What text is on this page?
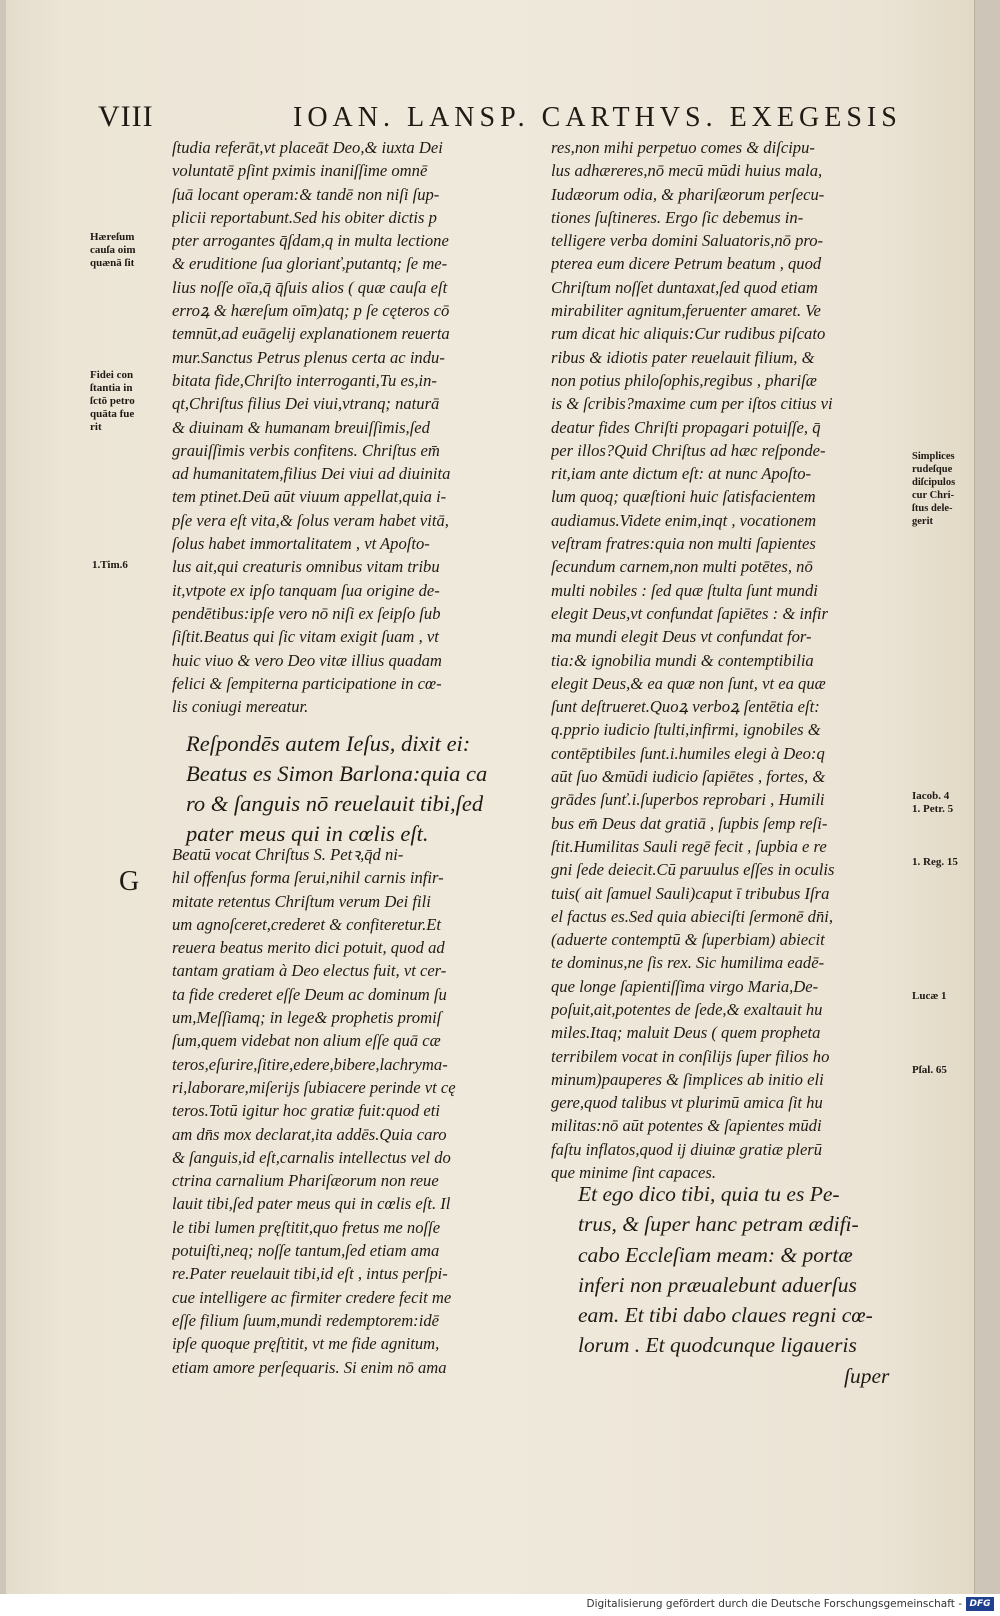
VIII	IOAN. LANSP. CARTHVS. EXEGESIS
ſtudia referāt,vt placeāt Deo,& iuxta Dei
voluntatē pſint pximis inaniſſime omnē
ſuā locant operam:& tandē non niſi ſup-
plicii reportabunt.Sed his obiter dictis p
pter arrogantes q̄ſdam,q in multa lectione
& eruditione ſua glorianť,putantq; ſe me-
lius noſſe oīa,q̄ q̄ſuis alios ( quæ cauſa eſt
erroꝝ & hæreſum oīm)atq; p ſe cęteros cō
temnūt,ad euāgelij explanationem reuerta
mur.Sanctus Petrus plenus certa ac indu-
bitata fide,Chriſto interroganti,Tu es,in-
qt,Chriſtus filius Dei viui,vtranq; naturā
& diuinam & humanam breuiſſimis,ſed
grauiſſimis verbis confitens. Chriſtus em̄
ad humanitatem,filius Dei viui ad diuinita
tem ptinet.Deū aūt viuum appellat,quia i-
pſe vera eſt vita,& ſolus veram habet vitā,
ſolus habet immortalitatem , vt Apoſto-
lus ait,qui creaturis omnibus vitam tribu
it,vtpote ex ipſo tanquam ſua origine de-
pendētibus:ipſe vero nō niſi ex ſeipſo ſub
ſiſtit.Beatus qui ſic vitam exigit ſuam , vt
huic viuo & vero Deo vitæ illius quadam
felici & ſempiterna participatione in cœ-
lis coniugi mereatur.
Reſpondēs autem Ieſus, dixit ei:
Beatus es Simon Barlona:quia ca
ro & ſanguis nō reuelauit tibi,ſed
pater meus qui in cœlis eſt.
Beatū vocat Chriſtus S. Petꝛ,q̄d ni-
hil offenſus forma ſerui,nihil carnis infir-
mitate retentus Chriſtum verum Dei fili
um agnoſceret,crederet & confiteretur.Et
reuera beatus merito dici potuit, quod ad
tantam gratiam à Deo electus fuit, vt cer-
ta fide crederet eſſe Deum ac dominum ſu
um,Meſſiamq; in lege& prophetis promiſ
ſum,quem videbat non alium eſſe quā cæ
teros,eſurire,ſitire,edere,bibere,lachryma-
ri,laborare,miſerijs ſubiacere perinde vt cę
teros.Totū igitur hoc gratiæ fuit:quod eti
am dn̄s mox declarat,ita addēs.Quia caro
& ſanguis,id eſt,carnalis intellectus vel do
ctrina carnalium Phariſæorum non reue
lauit tibi,ſed pater meus qui in cœlis eſt. Il
le tibi lumen pręſtitit,quo fretus me noſſe
potuiſti,neq; noſſe tantum,ſed etiam ama
re.Pater reuelauit tibi,id eſt , intus perſpi-
cue intelligere ac firmiter credere fecit me
eſſe filium ſuum,mundi redemptorem:idē
ipſe quoque pręſtitit, vt me fide agnitum,
etiam amore perſequaris. Si enim nō ama
res,non mihi perpetuo comes & diſcipu-
lus adhæreres,nō mecū mūdi huius mala,
Iudæorum odia, & phariſæorum perſecu-
tiones ſuſtineres. Ergo ſic debemus in-
telligere verba domini Saluatoris,nō pro-
pterea eum dicere Petrum beatum , quod
Chriſtum noſſet duntaxat,ſed quod etiam
mirabiliter agnitum,feruenter amaret. Ve
rum dicat hic aliquis:Cur rudibus piſcato
ribus & idiotis pater reuelauit filium, &
non potius philoſophis,regibus , phariſæ
is & ſcribis?maxime cum per iſtos citius vi
deatur fides Chriſti propagari potuiſſe, q̄
per illos?Quid Chriſtus ad hæc reſponde-
rit,iam ante dictum eſt: at nunc Apoſto-
lum quoq; quæſtioni huic ſatisfacientem
audiamus.Videte enim,inqt , vocationem
veſtram fratres:quia non multi ſapientes
ſecundum carnem,non multi potētes, nō
multi nobiles : ſed quæ ſtulta ſunt mundi
elegit Deus,vt confundat ſapiētes : & infir
ma mundi elegit Deus vt confundat for-
tia:& ignobilia mundi & contemptibilia
elegit Deus,& ea quæ non ſunt, vt ea quæ
ſunt deſtrueret.Quoꝝ verboꝝ ſentētia eſt:
q.pprio iudicio ſtulti,infirmi, ignobiles &
contēptibiles ſunt.i.humiles elegi à Deo:q
aūt ſuo &mūdi iudicio ſapiētes , fortes, &
grādes ſunť.i.ſuperbos reprobari , Humili
bus em̄ Deus dat gratiā , ſupbis ſemp reſi-
ſtit.Humilitas Sauli regē fecit , ſupbia e re
gni ſede deiecit.Cū paruulus eſſes in oculis
tuis( ait ſamuel Sauli)caput ī tribubus Iſra
el factus es.Sed quia abieciſti ſermonē dn̄i,
(aduerte contemptū & ſuperbiam) abiecit
te dominus,ne ſis rex. Sic humilima eadē-
que longe ſapientiſſima virgo Maria,De-
poſuit,ait,potentes de ſede,& exaltauit hu
miles.Itaq; maluit Deus ( quem propheta
terribilem vocat in conſilijs ſuper filios ho
minum)pauperes & ſimplices ab initio eli
gere,quod talibus vt plurimū amica ſit hu
militas:nō aūt potentes & ſapientes mūdi
faſtu inflatos,quod ij diuinæ gratiæ plerū
que minime ſint capaces.
Et ego dico tibi, quia tu es Pe-
trus, & ſuper hanc petram ædifi-
cabo Eccleſiam meam: & portæ
inferi non præualebunt aduerſus
eam. Et tibi dabo claues regni cœ-
lorum . Et quodcunque ligaueris
ſuper
Hæreſum
cauſa oim
quænā ſit
Fidei con
ſtantia in
ſctō petro
quāta fue
rit
1.Tim.6
Simplices
rudeſque
diſcipulos
cur Chri-
ſtus dele-
gerit
Iacob. 4
1. Petr. 5
1. Reg. 15
Lucæ 1
Pſal. 65
G
Digitalisierung gefördert durch die Deutsche Forschungsgemeinschaft - DFG
